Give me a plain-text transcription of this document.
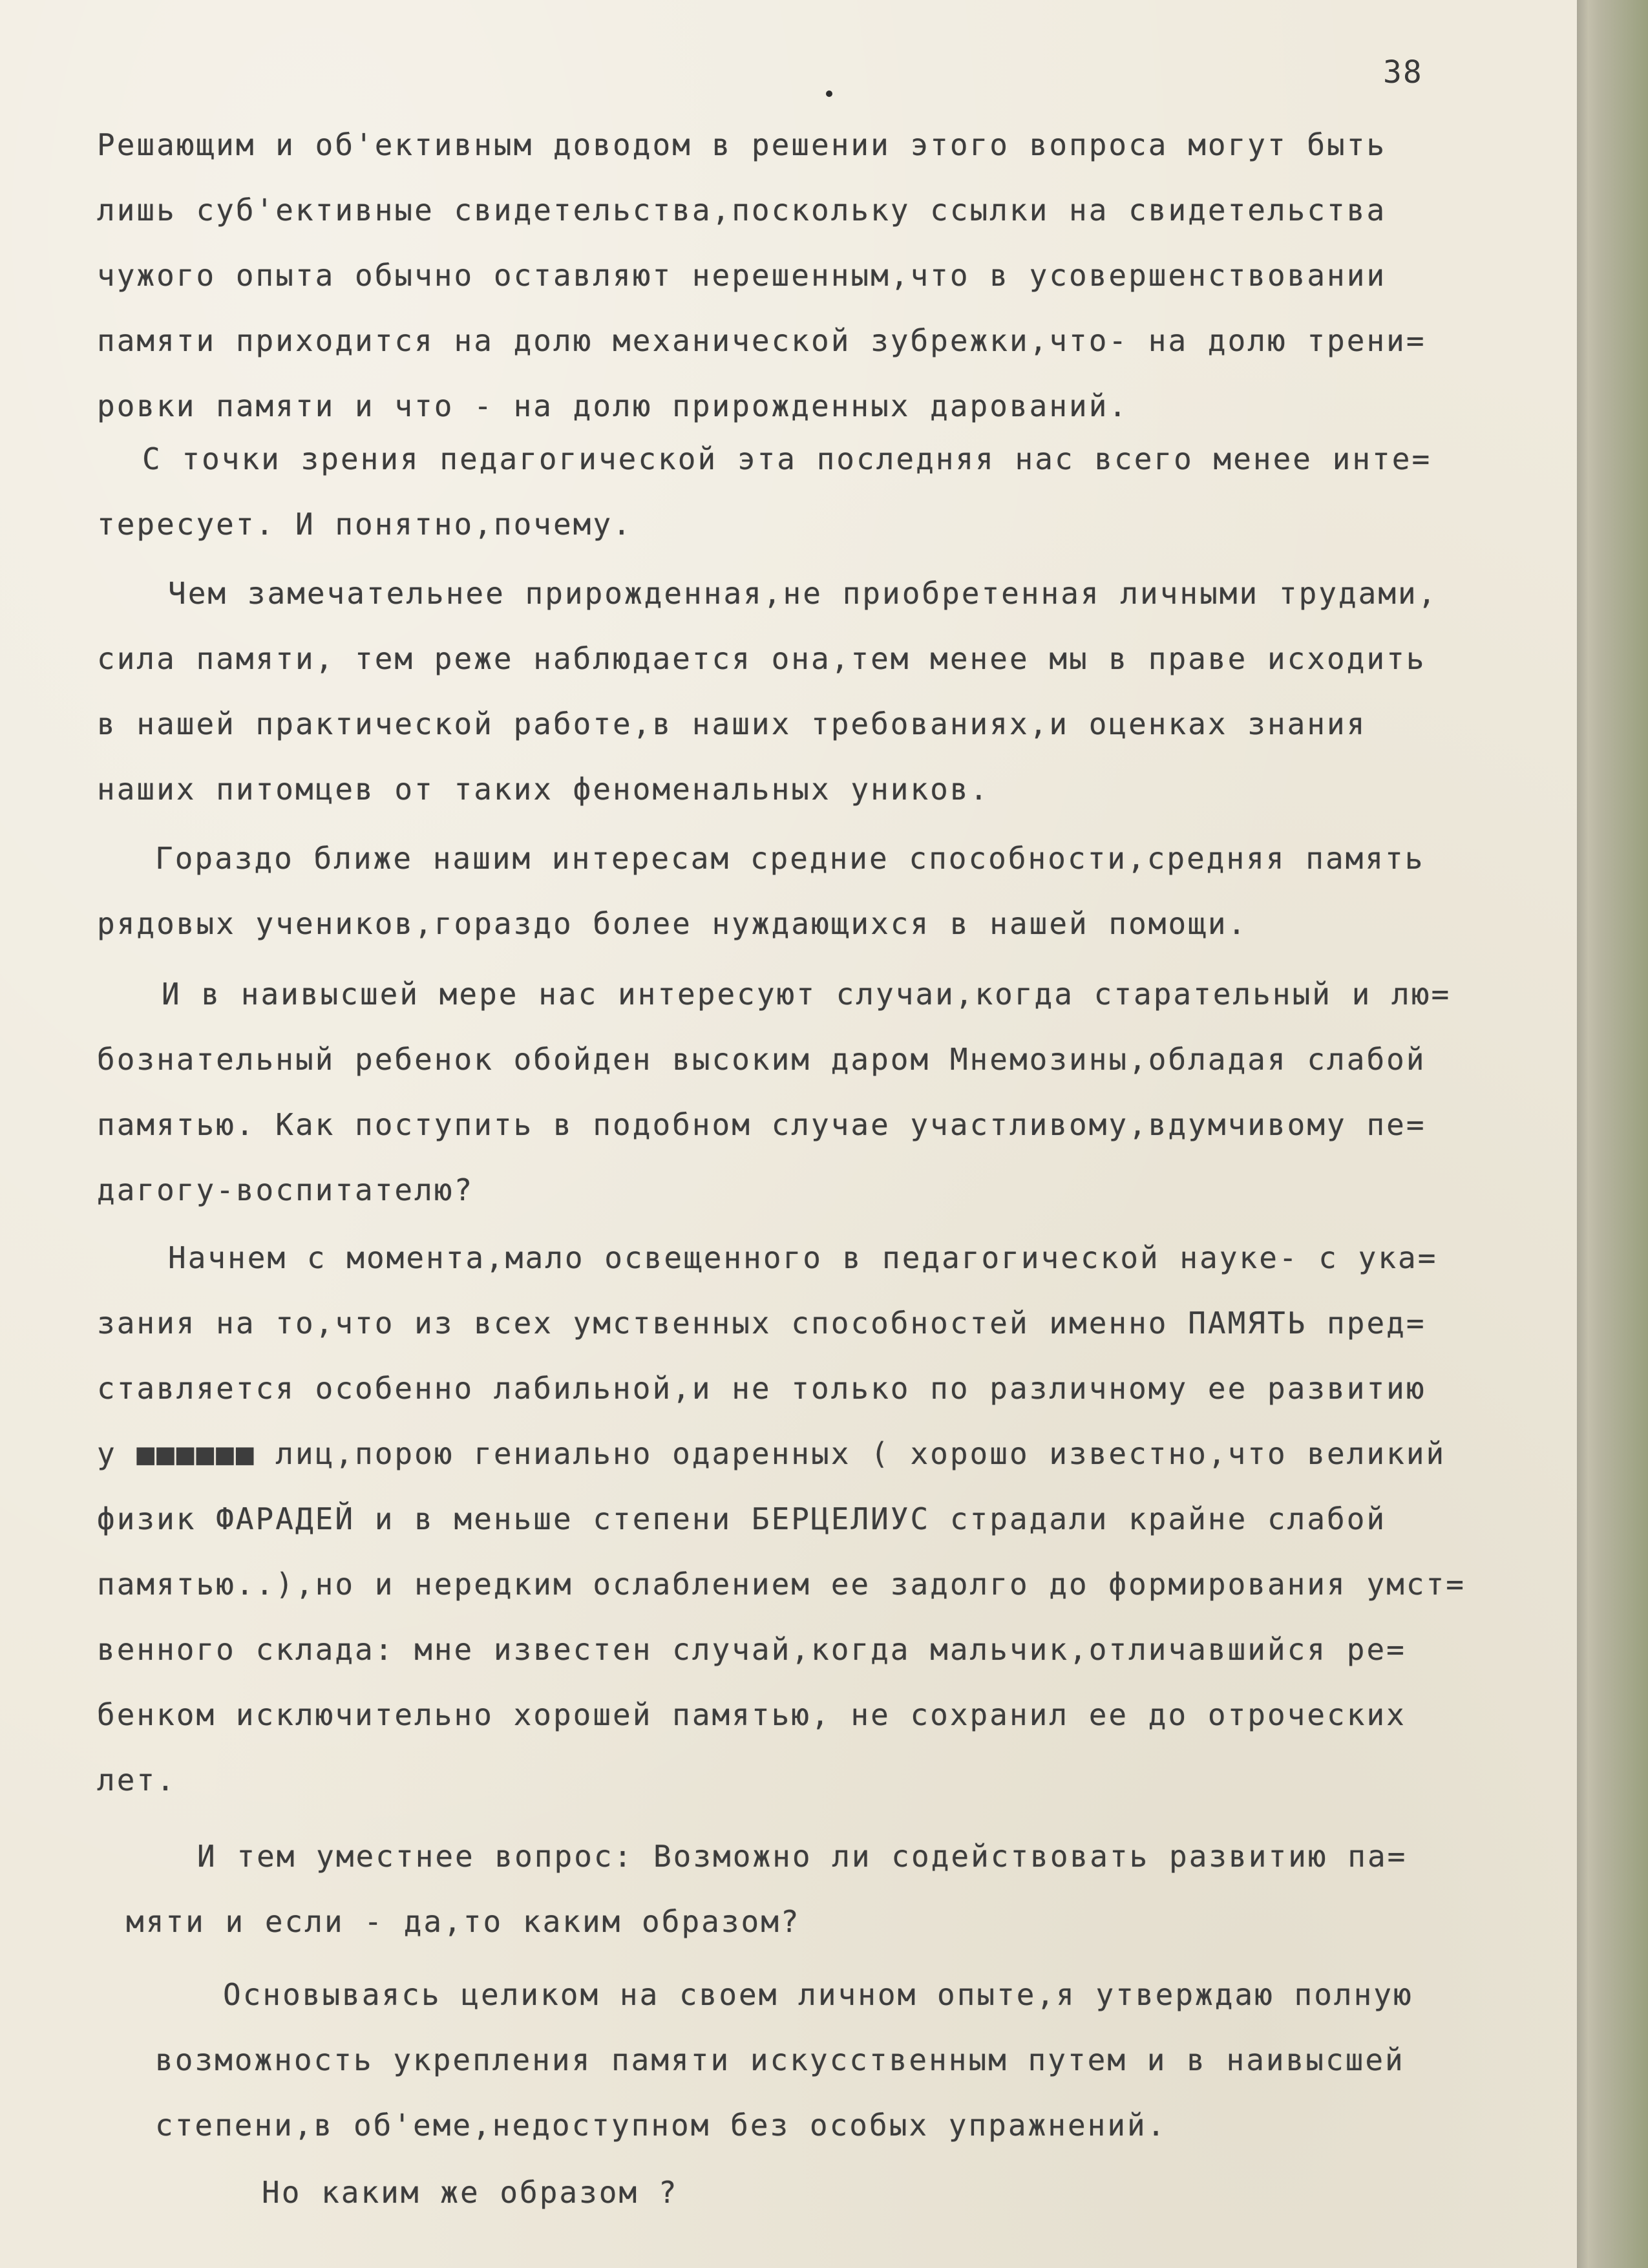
38
Решающим и об'ективным доводом в решении этого вопроса могут быть
лишь суб'ективные свидетельства,поскольку ссылки на свидетельства
чужого опыта обычно оставляют нерешенным,что в усовершенствовании
памяти приходится на долю механической зубрежки,что- на долю трени=
ровки памяти и что - на долю прирожденных дарований.
С точки зрения педагогической эта последняя нас всего менее инте=
тересует. И понятно,почему.
Чем замечательнее прирожденная,не приобретенная личными трудами,
сила памяти, тем реже наблюдается она,тем менее мы в праве исходить
в нашей практической работе,в наших требованиях,и оценках знания
наших питомцев от таких феноменальных уников.
Гораздо ближе нашим интересам средние способности,средняя память
рядовых учеников,гораздо более нуждающихся в нашей помощи.
И в наивысшей мере нас интересуют случаи,когда старательный и лю=
бознательный ребенок обойден высоким даром Мнемозины,обладая слабой
памятью. Как поступить в подобном случае участливому,вдумчивому пе=
дагогу-воспитателю?
Начнем с момента,мало освещенного в педагогической науке- с ука=
зания на то,что из всех умственных способностей именно ПАМЯТЬ пред=
ставляется особенно лабильной,и не только по различному ее развитию
у ■■■■■■ лиц,порою гениально одаренных ( хорошо известно,что великий
физик ФАРАДЕЙ и в меньше степени БЕРЦЕЛИУС страдали крайне слабой
памятью..),но и нередким ослаблением ее задолго до формирования умст=
венного склада: мне известен случай,когда мальчик,отличавшийся ре=
бенком исключительно хорошей памятью, не сохранил ее до отроческих
лет.
И тем уместнее вопрос: Возможно ли содействовать развитию па=
мяти и если - да,то каким образом?
Основываясь целиком на своем личном опыте,я утверждаю полную
возможность укрепления памяти искусственным путем и в наивысшей
степени,в об'еме,недоступном без особых упражнений.
Но каким же образом ?
